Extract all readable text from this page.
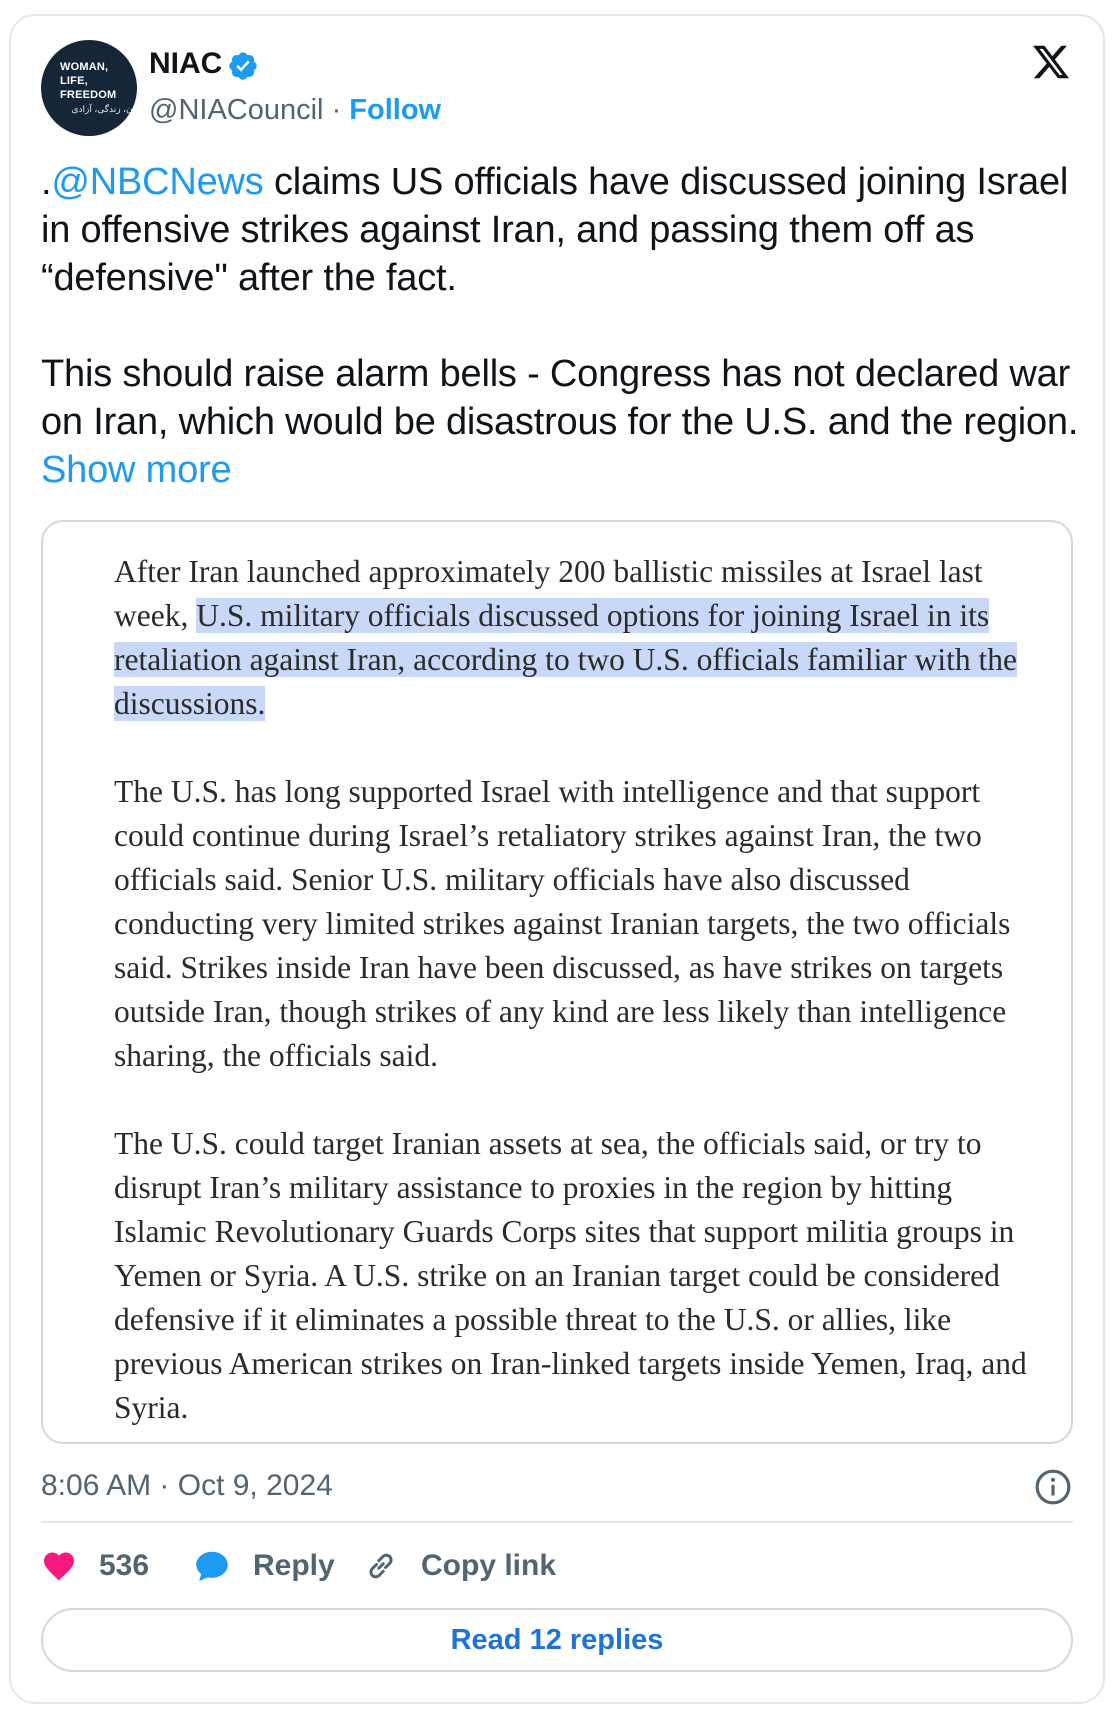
WOMAN,
LIFE,
FREEDOM
زن، زندگی، آزادی
NIAC
@NIACouncil · Follow

.@NBCNews claims US officials have discussed joining Israel in offensive strikes against Iran, and passing them off as “defensive" after the fact.

This should raise alarm bells - Congress has not declared war on Iran, which would be disastrous for the U.S. and the region. Show more

After Iran launched approximately 200 ballistic missiles at Israel last week, U.S. military officials discussed options for joining Israel in its retaliation against Iran, according to two U.S. officials familiar with the discussions.

The U.S. has long supported Israel with intelligence and that support could continue during Israel’s retaliatory strikes against Iran, the two officials said. Senior U.S. military officials have also discussed conducting very limited strikes against Iranian targets, the two officials said. Strikes inside Iran have been discussed, as have strikes on targets outside Iran, though strikes of any kind are less likely than intelligence sharing, the officials said.

The U.S. could target Iranian assets at sea, the officials said, or try to disrupt Iran’s military assistance to proxies in the region by hitting Islamic Revolutionary Guards Corps sites that support militia groups in Yemen or Syria. A U.S. strike on an Iranian target could be considered defensive if it eliminates a possible threat to the U.S. or allies, like previous American strikes on Iran-linked targets inside Yemen, Iraq, and Syria.

8:06 AM · Oct 9, 2024
536	Reply	Copy link
Read 12 replies
